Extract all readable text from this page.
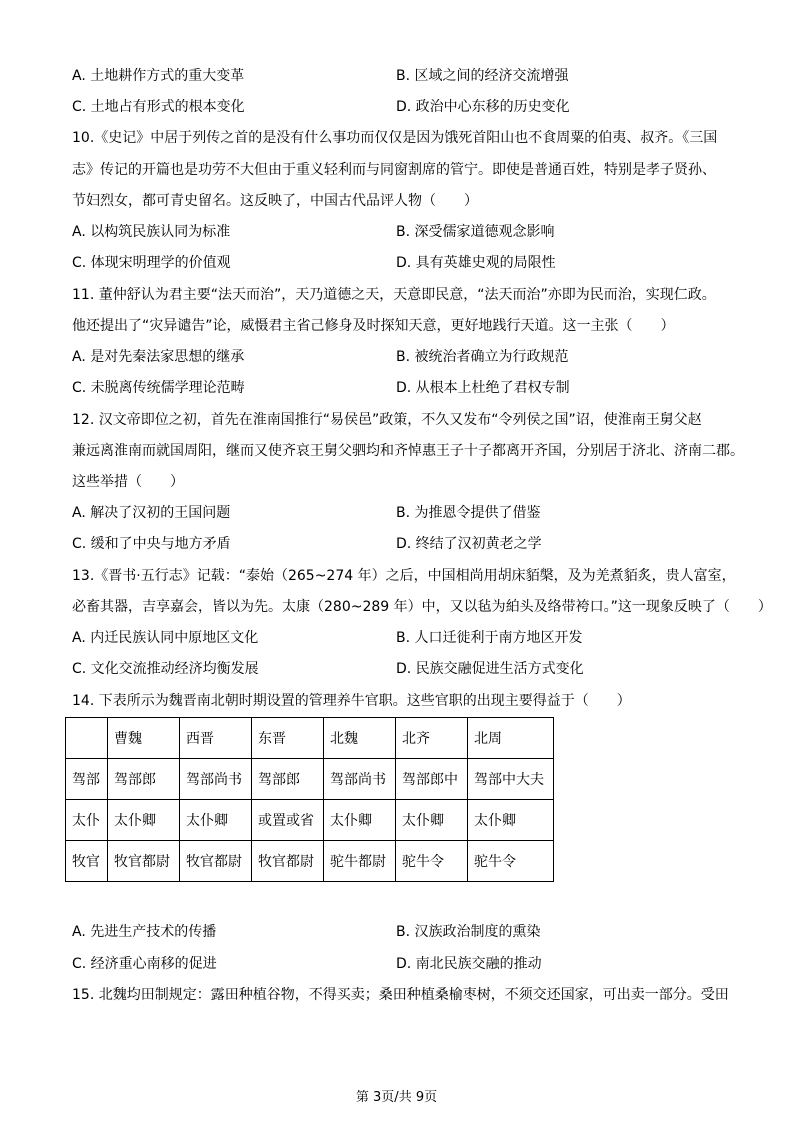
A. 土地耕作方式的重大变革	B. 区域之间的经济交流增强
C. 土地占有形式的根本变化	D. 政治中心东移的历史变化
10.《史记》中居于列传之首的是没有什么事功而仅仅是因为饿死首阳山也不食周粟的伯夷、叔齐。《三国
志》传记的开篇也是功劳不大但由于重义轻利而与同窗割席的管宁。即使是普通百姓，特别是孝子贤孙、
节妇烈女，都可青史留名。这反映了，中国古代品评人物（　　）
A. 以构筑民族认同为标准	B. 深受儒家道德观念影响
C. 体现宋明理学的价值观	D. 具有英雄史观的局限性
11. 董仲舒认为君主要“法天而治”，天乃道德之天，天意即民意，“法天而治”亦即为民而治，实现仁政。
他还提出了“灾异谴告”论，威慑君主省己修身及时探知天意，更好地践行天道。这一主张（　　）
A. 是对先秦法家思想的继承	B. 被统治者确立为行政规范
C. 未脱离传统儒学理论范畴	D. 从根本上杜绝了君权专制
12. 汉文帝即位之初，首先在淮南国推行“易侯邑”政策，不久又发布“令列侯之国”诏，使淮南王舅父赵
兼远离淮南而就国周阳，继而又使齐哀王舅父驷均和齐悼惠王子十子都离开齐国，分别居于济北、济南二郡。
这些举措（　　）
A. 解决了汉初的王国问题	B. 为推恩令提供了借鉴
C. 缓和了中央与地方矛盾	D. 终结了汉初黄老之学
13.《晋书·五行志》记载：“泰始（265~274 年）之后，中国相尚用胡床貊槃，及为羌煮貊炙，贵人富室，
必畜其器，吉享嘉会，皆以为先。太康（280~289 年）中，又以毡为絈头及络带袴口。”这一现象反映了（　　）
A. 内迁民族认同中原地区文化	B. 人口迁徙利于南方地区开发
C. 文化交流推动经济均衡发展	D. 民族交融促进生活方式变化
14. 下表所示为魏晋南北朝时期设置的管理养牛官职。这些官职的出现主要得益于（　　）
	曹魏	西晋	东晋	北魏	北齐	北周
驾部	驾部郎	驾部尚书	驾部郎	驾部尚书	驾部郎中	驾部中大夫
太仆	太仆卿	太仆卿	或置或省	太仆卿	太仆卿	太仆卿
牧官	牧官都尉	牧官都尉	牧官都尉	驼牛都尉	驼牛令	驼牛令
A. 先进生产技术的传播	B. 汉族政治制度的熏染
C. 经济重心南移的促进	D. 南北民族交融的推动
15. 北魏均田制规定：露田种植谷物，不得买卖；桑田种植桑榆枣树，不须交还国家，可出卖一部分。受田
第 3页/共 9页
